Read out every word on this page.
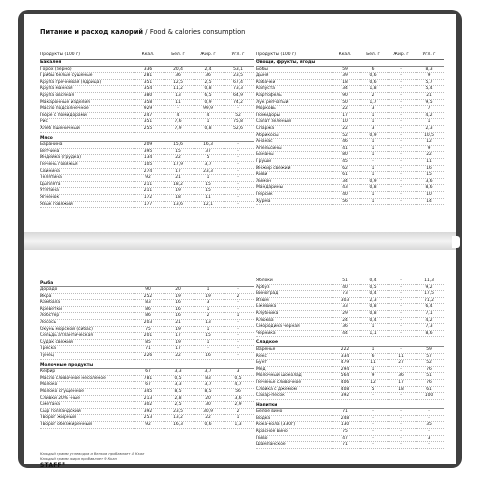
Питание и расход калорий / Food & calories consumption
Продукты (100 г)	Ккал.	Бел. г	Жир. г	Угл. г
Бакалея				
Горох (зерно)	336	20,4	2,4	53,1
Грибы белые сушеные	281	36	36	23,5
Крупа гречневая (ядрица)	351	12,5	2,5	67,4
Крупа манная	354	11,2	0,8	73,3
Крупа овсяная	380	13	6,5	64,9
Макаронные изделия	358	11	0,9	74,2
Масло подсолнечное	929	-	99,9	-
Пюре с помидорами	247	4	4	52
Рис	351	7,6	1	75,8
Хлеб пшеничный	255	7,9	0,8	52,6
Мясо				
Баранина	209	15,6	16,3	-
Ветчина	395	15	37	-
Индейка (грудка)	134	22	5	-
Печень говяжья	105	17,9	3,7	-
Свинина	274	17	23,3	-
Телятина	92	21	1	-
Цыплята	211	18,2	15	-
Утятина	211	19	15	-
Ягненок	172	18	11	-
Язык говяжий	177	13,6	12,1	-
Продукты (100 г)	Ккал.	Бел. г	Жир. г	Угл. г
Овощи, фрукты, ягоды				
Бобы	59	6	-	8,3
Дыня	39	0,6	-	9
Кабачки	18	0,6	-	5,7
Капуста	34	1,8	-	5,4
Картофель	90	2	-	21
Лук репчатый	50	1,7	-	9,5
Морковь	22	3	-	7
Помидоры	17	1	-	4,2
Салат зеленый	10	1	-	1
Спаржа	22	3	-	2,3
Абрикосы	52	0,9	-	10,5
Ананас	46	1	-	12
Апельсины	41	1	-	9
Бананы	80	1	-	22
Груши	45	-	-	11
Инжир свежий	62	1	-	16
Киви	61	1	-	15
Лимон	34	0,9	-	3,6
Мандарины	43	0,8	-	8,6
Персик	40	1	-	10
Хурма	56	1	-	14
Рыба				
Дорадо	90	20	1	-
Икра	252	19	19	2
Камбала	83	16	3	-
Креветки	86	16	1	-
Лобстер	86	16	2	1
Лосось	203	21	13	-
Окунь морской (сибас)	75	19	1	-
Сельдь атлантическая	201	17	15	-
Судак свежий	85	19	1	-
Треска	71	17	-	-
Тунец	226	22	16	-
Молочные продукты				
Кефир	67	3,3	3,7	3
Масло сливочное несоленое	781	0,5	83	0,5
Молоко	67	3,3	3,7	4,7
Молоко сгущенное	345	8,5	8,5	56
Сливки 20% -ные	213	2,8	20	3,6
Сметана	302	2,5	30	2,9
Сыр голландский	392	23,5	30,9	2
Творог жирный	253	13,2	22	1
Творог обезжиренный	92	16,3	0,6	1,3
Яблоки	51	0,4	-	11,3
Арбуз	40	0,5	-	9,2
Виноград	73	0,4	-	17,5
Изюм	303	2,3	-	71,2
Ежевика	33	0,8	-	6,4
Клубника	29	0,8	-	7,1
Клюква	24	0,4	-	4,2
Смородина черная	36	1	-	7,3
Черника	44	1,1	-	8,6
Сладкое				
Варенье	222	1	-	59
Кекс	334	6	11	57
Бунт	479	11	27	52
Мед	294	1	-	76
Молочный шоколад	564	9	36	51
Печенье сливочное	406	12	17	76
Слойка с джемом	408	5	18	61
Сахар-песок	392	-	-	100
Напитки				
Белое вино	71	-	-	-
Водка	248	-	-	-
Кока-кола (330г)	130	-	-	35
Красное вино	75	-	-	-
Пиво	47	-	-	3
Шампанское	71	-	-	-
Каждый грамм углеводов и белков пробавляет 4 Ккал
Каждый грамм жира пробавляет 9 Ккал
STAFF®
